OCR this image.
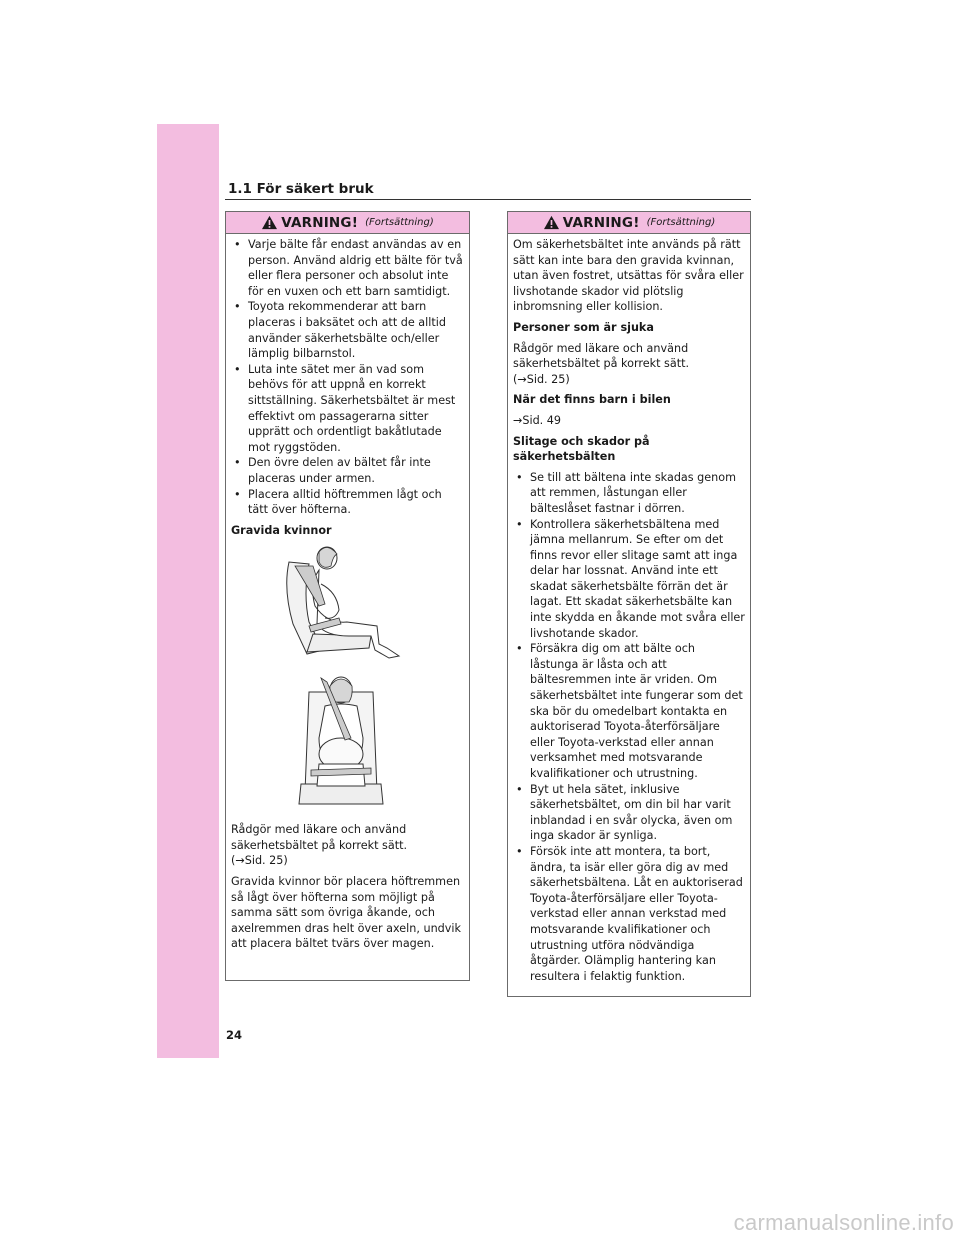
1.1 För säkert bruk
VARNING! (Fortsättning)
• Varje bälte får endast användas av en person. Använd aldrig ett bälte för två eller flera personer och absolut inte för en vuxen och ett barn samtidigt.
• Toyota rekommenderar att barn placeras i baksätet och att de alltid använder säkerhetsbälte och/eller lämplig bilbarnstol.
• Luta inte sätet mer än vad som behövs för att uppnå en korrekt sittställning. Säkerhetsbältet är mest effektivt om passagerarna sitter upprätt och ordentligt bakåtlutade mot ryggstöden.
• Den övre delen av bältet får inte placeras under armen.
• Placera alltid höftremmen lågt och tätt över höfterna.
Gravida kvinnor

Rådgör med läkare och använd säkerhetsbältet på korrekt sätt.
(→Sid. 25)

Gravida kvinnor bör placera höftremmen så lågt över höfterna som möjligt på samma sätt som övriga åkande, och axelremmen dras helt över axeln, undvik att placera bältet tvärs över magen.

VARNING! (Fortsättning)

Om säkerhetsbältet inte används på rätt sätt kan inte bara den gravida kvinnan, utan även fostret, utsättas för svåra eller livshotande skador vid plötslig inbromsning eller kollision.

Personer som är sjuka

Rådgör med läkare och använd säkerhetsbältet på korrekt sätt.
(→Sid. 25)

När det finns barn i bilen

→Sid. 49

Slitage och skador på säkerhetsbälten
• Se till att bältena inte skadas genom att remmen, låstungan eller bälteslåset fastnar i dörren.
• Kontrollera säkerhetsbältena med jämna mellanrum. Se efter om det finns revor eller slitage samt att inga delar har lossnat. Använd inte ett skadat säkerhetsbälte förrän det är lagat. Ett skadat säkerhetsbälte kan inte skydda en åkande mot svåra eller livshotande skador.
• Försäkra dig om att bälte och låstunga är låsta och att bältesremmen inte är vriden. Om säkerhetsbältet inte fungerar som det ska bör du omedelbart kontakta en auktoriserad Toyota-återförsäljare eller Toyota-verkstad eller annan verksamhet med motsvarande kvalifikationer och utrustning.
• Byt ut hela sätet, inklusive säkerhetsbältet, om din bil har varit inblandad i en svår olycka, även om inga skador är synliga.
• Försök inte att montera, ta bort, ändra, ta isär eller göra dig av med säkerhetsbältena. Låt en auktoriserad Toyota-återförsäljare eller Toyota-verkstad eller annan verkstad med motsvarande kvalifikationer och utrustning utföra nödvändiga åtgärder. Olämplig hantering kan resultera i felaktig funktion.
24
carmanualsonline.info
